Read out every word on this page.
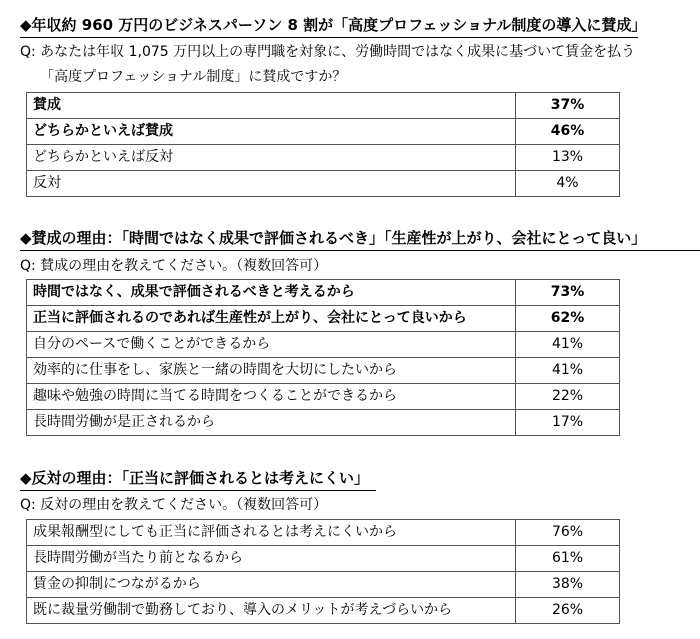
◆年収約 960 万円のビジネスパーソン 8 割が「高度プロフェッショナル制度の導入に賛成」
Q: あなたは年収 1,075 万円以上の専門職を対象に、労働時間ではなく成果に基づいて賃金を払う
「高度プロフェッショナル制度」に賛成ですか？
賛成	37%
どちらかといえば賛成	46%
どちらかといえば反対	13%
反対	4%
◆賛成の理由：「時間ではなく成果で評価されるべき」「生産性が上がり、会社にとって良い」
Q: 賛成の理由を教えてください。（複数回答可）
時間ではなく、成果で評価されるべきと考えるから	73%
正当に評価されるのであれば生産性が上がり、会社にとって良いから	62%
自分のペースで働くことができるから	41%
効率的に仕事をし、家族と一緒の時間を大切にしたいから	41%
趣味や勉強の時間に当てる時間をつくることができるから	22%
長時間労働が是正されるから	17%
◆反対の理由：「正当に評価されるとは考えにくい」
Q: 反対の理由を教えてください。（複数回答可）
成果報酬型にしても正当に評価されるとは考えにくいから	76%
長時間労働が当たり前となるから	61%
賃金の抑制につながるから	38%
既に裁量労働制で勤務しており、導入のメリットが考えづらいから	26%
